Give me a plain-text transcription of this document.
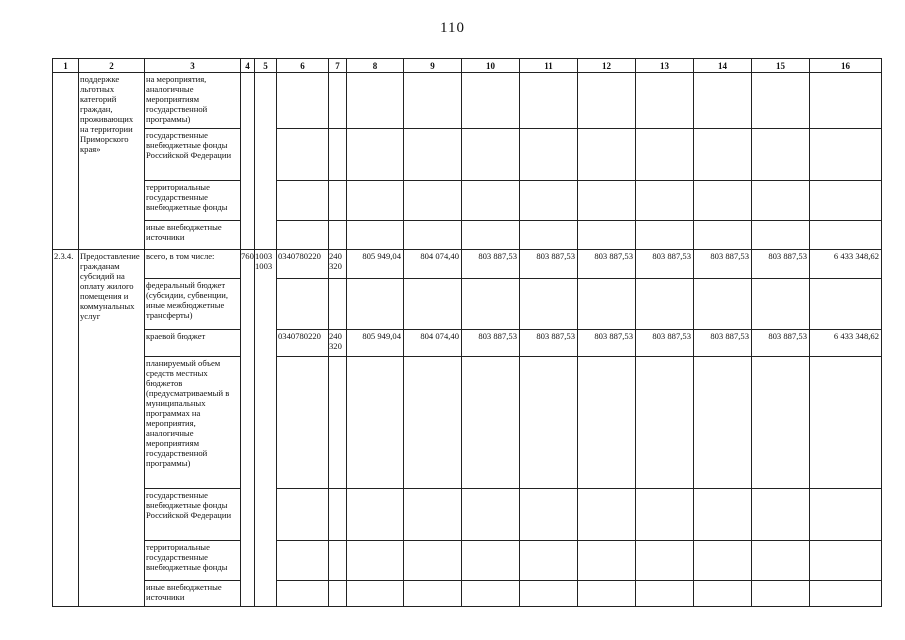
110
1	2	3	4	5	6	7	8	9	10	11	12	13	14	15	16
	поддержке льготных категорий граждан, проживающих на территории Приморского края»	на мероприятия, аналогичные мероприятиям государственной программы)													
		государственные внебюджетные фонды Российской Федерации													
		территориальные государственные внебюджетные фонды													
		иные внебюджетные источники													
2.3.4.	Предоставление гражданам субсидий на оплату жилого помещения и коммунальных услуг	всего, в том числе:	760	1003 1003	0340780220	240 320	805 949,04	804 074,40	803 887,53	803 887,53	803 887,53	803 887,53	803 887,53	803 887,53	6 433 348,62
		федеральный бюджет (субсидии, субвенции, иные межбюджетные трансферты)													
		краевой бюджет			0340780220	240 320	805 949,04	804 074,40	803 887,53	803 887,53	803 887,53	803 887,53	803 887,53	803 887,53	6 433 348,62
		планируемый объем средств местных бюджетов (предусматриваемый в муниципальных программах на мероприятия, аналогичные мероприятиям государственной программы)													
		государственные внебюджетные фонды Российской Федерации													
		территориальные государственные внебюджетные фонды													
		иные внебюджетные источники													
